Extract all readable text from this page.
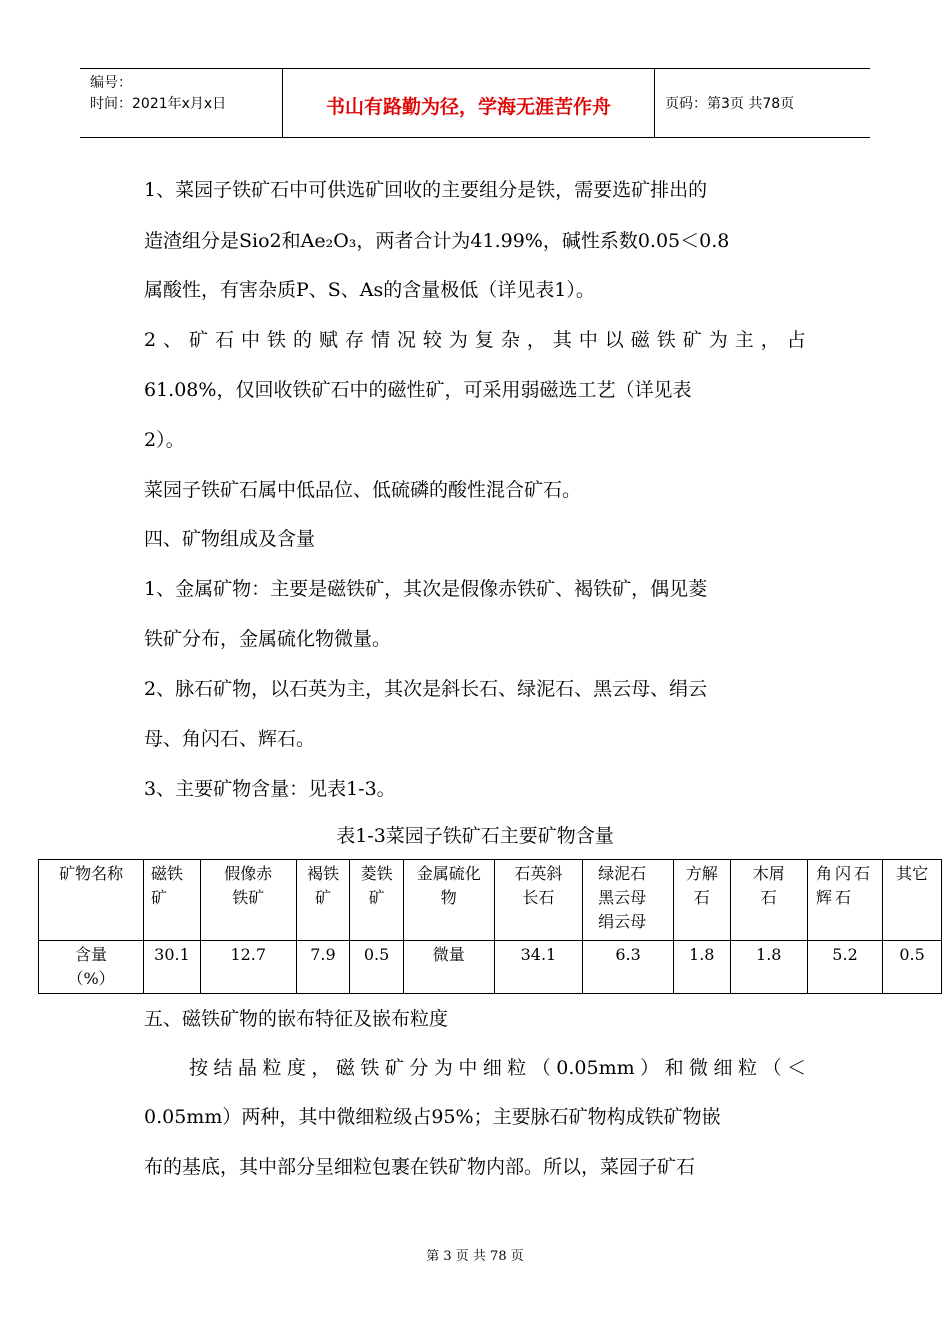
编号：
时间：2021年x月x日	书山有路勤为径，学海无涯苦作舟	页码：第3页 共78页
1、菜园子铁矿石中可供选矿回收的主要组分是铁，需要选矿排出的
造渣组分是Sio2和Ae₂O₃，两者合计为41.99%，碱性系数0.05＜0.8
属酸性，有害杂质P、S、As的含量极低（详见表1）。
2 、 矿 石 中 铁 的 赋 存 情 况 较 为 复 杂 ， 其 中 以 磁 铁 矿 为 主 ， 占
61.08%，仅回收铁矿石中的磁性矿，可采用弱磁选工艺（详见表
2）。
菜园子铁矿石属中低品位、低硫磷的酸性混合矿石。
四、矿物组成及含量
1、金属矿物：主要是磁铁矿，其次是假像赤铁矿、褐铁矿，偶见菱
铁矿分布，金属硫化物微量。
2、脉石矿物，以石英为主，其次是斜长石、绿泥石、黑云母、绢云
母、角闪石、辉石。
3、主要矿物含量：见表1-3。
表1-3菜园子铁矿石主要矿物含量
矿物名称	磁铁矿	假像赤铁矿	褐铁矿	菱铁矿	金属硫化物	石英斜长石	绿泥石黑云母绢云母	方解石	木屑石	角闪石辉石	其它

含量（%）	30.1	12.7	7.9	0.5	微量	34.1	6.3	1.8	1.8	5.2	0.5
五、磁铁矿物的嵌布特征及嵌布粒度
按 结 晶 粒 度 ， 磁 铁 矿 分 为 中 细 粒 （ 0.05mm ） 和 微 细 粒 （ ＜
0.05mm）两种，其中微细粒级占95%；主要脉石矿物构成铁矿物嵌
布的基底，其中部分呈细粒包裹在铁矿物内部。所以，菜园子矿石
第 3 页 共 78 页
